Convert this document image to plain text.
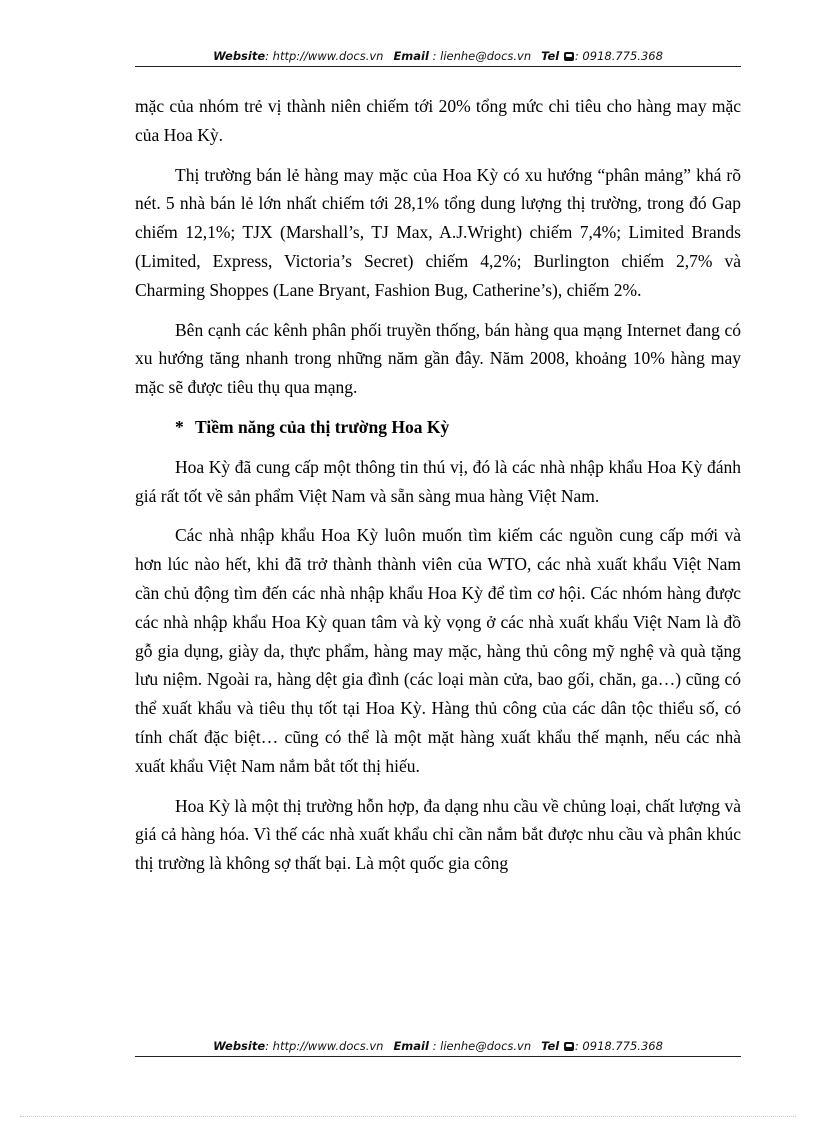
Website: http://www.docs.vn Email : lienhe@docs.vn Tel : 0918.775.368

mặc của nhóm trẻ vị thành niên chiếm tới 20% tổng mức chi tiêu cho hàng may mặc của Hoa Kỳ.

Thị trường bán lẻ hàng may mặc của Hoa Kỳ có xu hướng “phân mảng” khá rõ nét. 5 nhà bán lẻ lớn nhất chiếm tới 28,1% tổng dung lượng thị trường, trong đó Gap chiếm 12,1%; TJX (Marshall’s, TJ Max, A.J.Wright) chiếm 7,4%; Limited Brands (Limited, Express, Victoria’s Secret) chiếm 4,2%; Burlington chiếm 2,7% và Charming Shoppes (Lane Bryant, Fashion Bug, Catherine’s), chiếm 2%.

Bên cạnh các kênh phân phối truyền thống, bán hàng qua mạng Internet đang có xu hướng tăng nhanh trong những năm gần đây. Năm 2008, khoảng 10% hàng may mặc sẽ được tiêu thụ qua mạng.

* Tiềm năng của thị trường Hoa Kỳ

Hoa Kỳ đã cung cấp một thông tin thú vị, đó là các nhà nhập khẩu Hoa Kỳ đánh giá rất tốt về sản phẩm Việt Nam và sẵn sàng mua hàng Việt Nam.

Các nhà nhập khẩu Hoa Kỳ luôn muốn tìm kiếm các nguồn cung cấp mới và hơn lúc nào hết, khi đã trở thành thành viên của WTO, các nhà xuất khẩu Việt Nam cần chủ động tìm đến các nhà nhập khẩu Hoa Kỳ để tìm cơ hội. Các nhóm hàng được các nhà nhập khẩu Hoa Kỳ quan tâm và kỳ vọng ở các nhà xuất khẩu Việt Nam là đồ gỗ gia dụng, giày da, thực phẩm, hàng may mặc, hàng thủ công mỹ nghệ và quà tặng lưu niệm. Ngoài ra, hàng dệt gia đình (các loại màn cửa, bao gối, chăn, ga…) cũng có thể xuất khẩu và tiêu thụ tốt tại Hoa Kỳ. Hàng thủ công của các dân tộc thiểu số, có tính chất đặc biệt… cũng có thể là một mặt hàng xuất khẩu thế mạnh, nếu các nhà xuất khẩu Việt Nam nắm bắt tốt thị hiếu.

Hoa Kỳ là một thị trường hỗn hợp, đa dạng nhu cầu về chủng loại, chất lượng và giá cả hàng hóa. Vì thế các nhà xuất khẩu chỉ cần nắm bắt được nhu cầu và phân khúc thị trường là không sợ thất bại. Là một quốc gia công

Website: http://www.docs.vn Email : lienhe@docs.vn Tel : 0918.775.368
